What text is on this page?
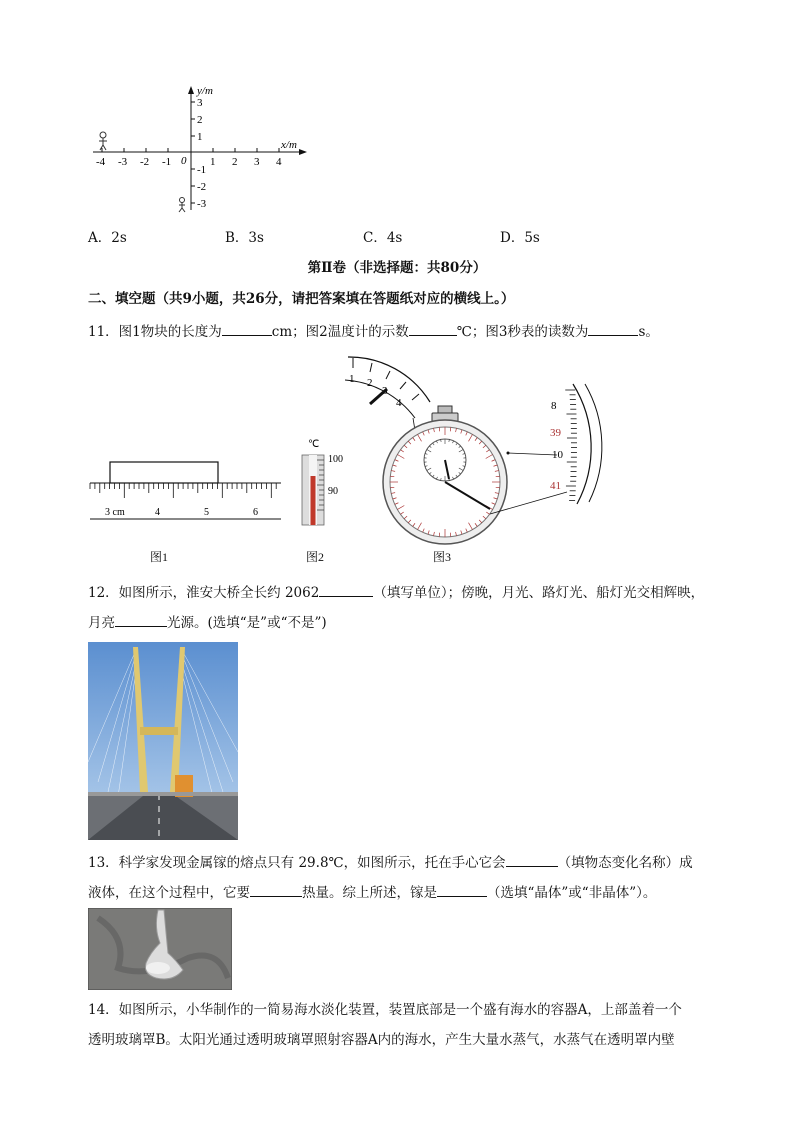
y/m
x/m
0
-4 -3 -2 -1	1 2 3 4
3
2
1
-1
-2
-3
A．2s	B．3s	C．4s	D．5s
第Ⅱ卷（非选择题：共80分）
二、填空题（共9小题，共26分，请把答案填在答题纸对应的横线上。）
11．图1物块的长度为	cm；图2温度计的示数	℃；图3秒表的读数为	s。
3 cm	4	5	6
图1
℃
100
90
图2
1 2
4	8
39
10
41
图3
12．如图所示，淮安大桥全长约 2062	（填写单位）；傍晚，月光、路灯光、船灯光交相辉映，
月亮	光源。(选填“是”或“不是”)
13．科学家发现金属镓的熔点只有 29.8℃，如图所示，托在手心它会	（填物态变化名称）成
液体，在这个过程中，它要	热量。综上所述，镓是	（选填“晶体”或“非晶体”）。
14．如图所示，小华制作的一简易海水淡化装置，装置底部是一个盛有海水的容器A，上部盖着一个
透明玻璃罩B。太阳光通过透明玻璃罩照射容器A内的海水，产生大量水蒸气，水蒸气在透明罩内壁
